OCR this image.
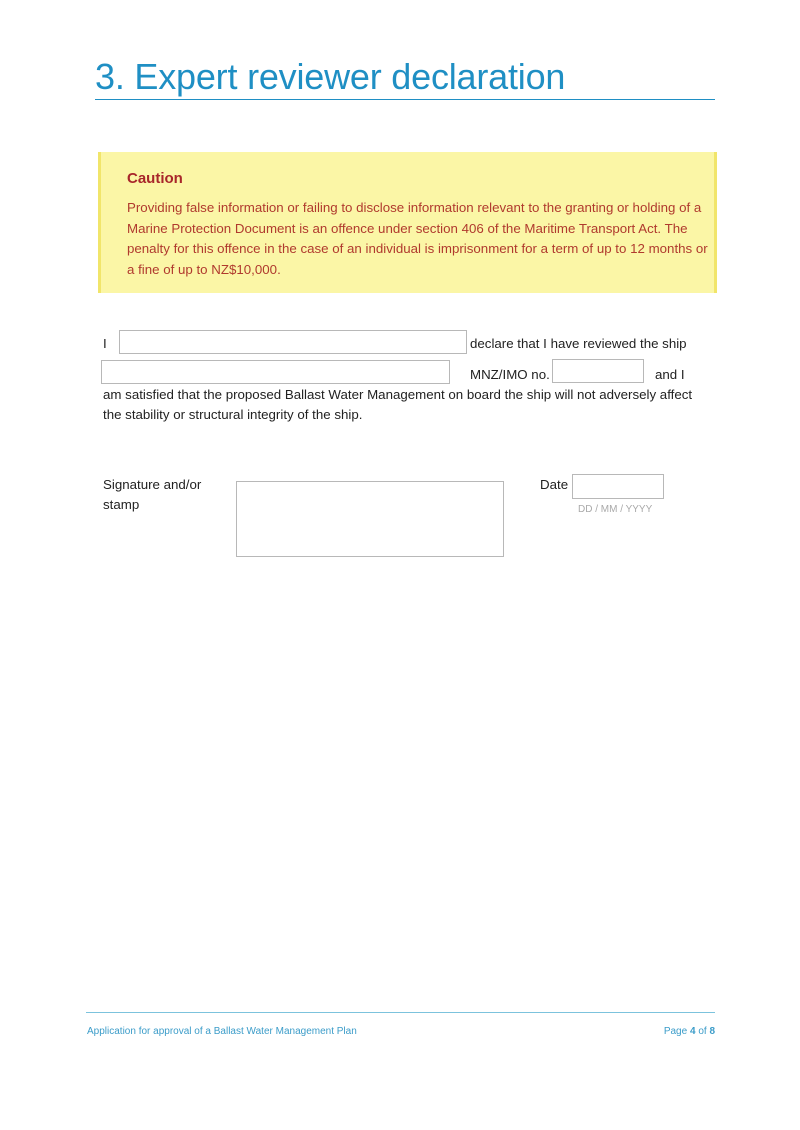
3. Expert reviewer declaration
Caution
Providing false information or failing to disclose information relevant to the granting or holding of a Marine Protection Document is an offence under section 406 of the Maritime Transport Act. The penalty for this offence in the case of an individual is imprisonment for a term of up to 12 months or a fine of up to NZ$10,000.
I	declare that I have reviewed the ship
MNZ/IMO no.	and I
am satisfied that the proposed Ballast Water Management on board the ship will not adversely affect
the stability or structural integrity of the ship.
Signature and/or
stamp
Date
DD / MM / YYYY
Application for approval of a Ballast Water Management Plan	Page 4 of 8
